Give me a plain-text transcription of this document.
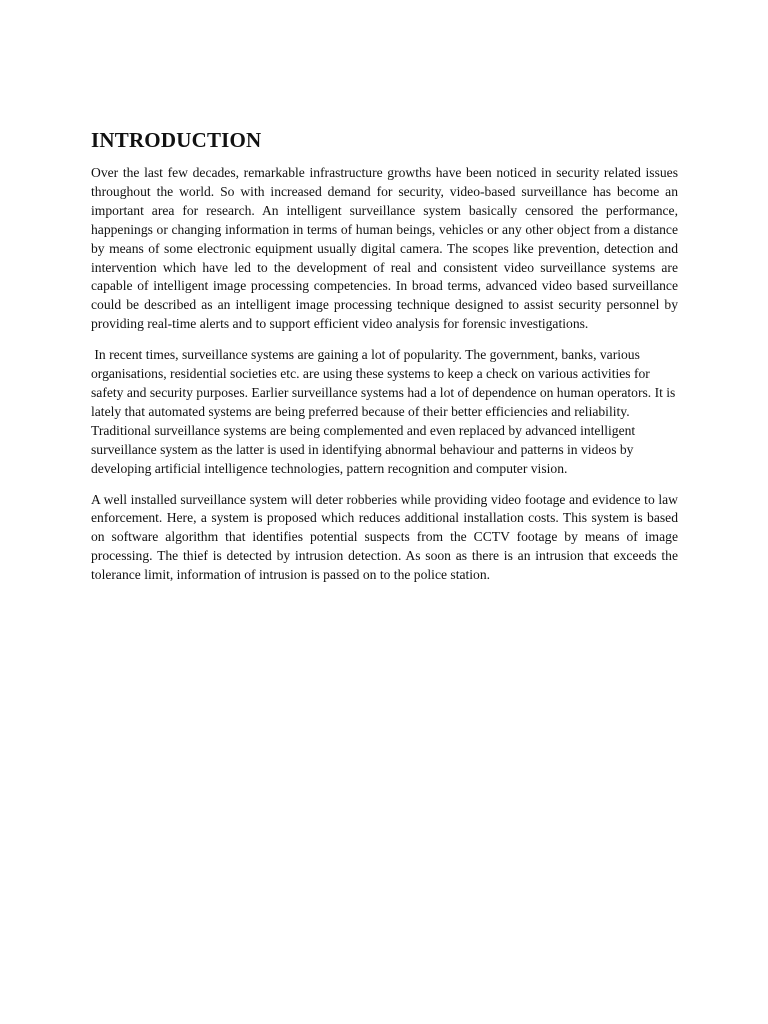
INTRODUCTION

Over the last few decades, remarkable infrastructure growths have been noticed in security related issues throughout the world. So with increased demand for security, video-based surveillance has become an important area for research. An intelligent surveillance system basically censored the performance, happenings or changing information in terms of human beings, vehicles or any other object from a distance by means of some electronic equipment usually digital camera. The scopes like prevention, detection and intervention which have led to the development of real and consistent video surveillance systems are capable of intelligent image processing competencies. In broad terms, advanced video based surveillance could be described as an intelligent image processing technique designed to assist security personnel by providing real-time alerts and to support efficient video analysis for forensic investigations.

In recent times, surveillance systems are gaining a lot of popularity. The government, banks, various organisations, residential societies etc. are using these systems to keep a check on various activities for safety and security purposes. Earlier surveillance systems had a lot of dependence on human operators. It is lately that automated systems are being preferred because of their better efficiencies and reliability. Traditional surveillance systems are being complemented and even replaced by advanced intelligent surveillance system as the latter is used in identifying abnormal behaviour and patterns in videos by developing artificial intelligence technologies, pattern recognition and computer vision.

A well installed surveillance system will deter robberies while providing video footage and evidence to law enforcement. Here, a system is proposed which reduces additional installation costs. This system is based on software algorithm that identifies potential suspects from the CCTV footage by means of image processing. The thief is detected by intrusion detection. As soon as there is an intrusion that exceeds the tolerance limit, information of intrusion is passed on to the police station.
